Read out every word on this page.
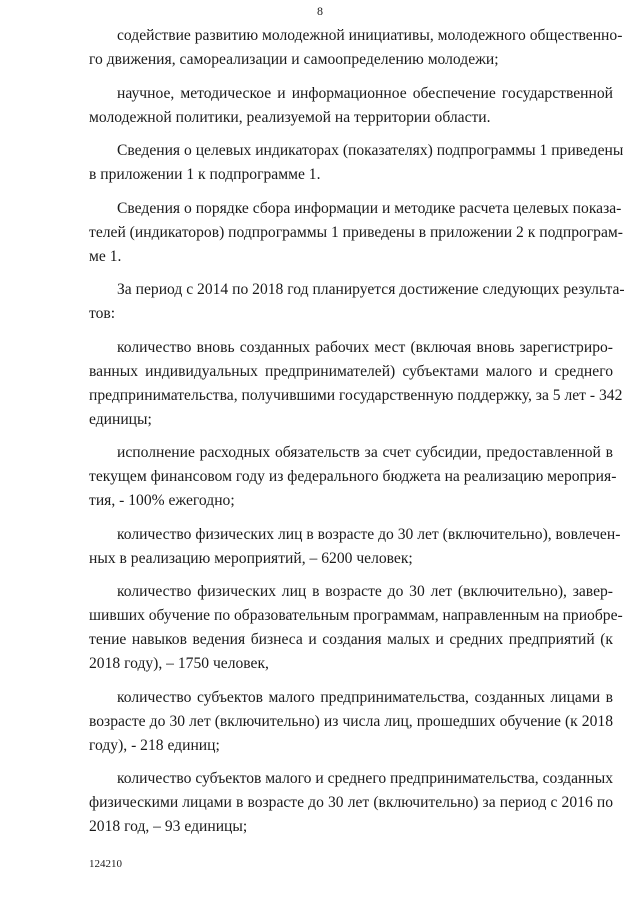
8
содействие развитию молодежной инициативы, молодежного общественно-
го движения, самореализации и самоопределению молодежи;
научное, методическое и информационное обеспечение государственной
молодежной политики, реализуемой на территории области.
Сведения о целевых индикаторах (показателях) подпрограммы 1 приведены
в приложении 1 к подпрограмме 1.
Сведения о порядке сбора информации и методике расчета целевых показа-
телей (индикаторов) подпрограммы 1 приведены в приложении 2 к подпрограм-
ме 1.
За период с 2014 по 2018 год планируется достижение следующих результа-
тов:
количество вновь созданных рабочих мест (включая вновь зарегистриро-
ванных индивидуальных предпринимателей) субъектами малого и среднего
предпринимательства, получившими государственную поддержку, за 5 лет - 342
единицы;
исполнение расходных обязательств за счет субсидии, предоставленной в
текущем финансовом году из федерального бюджета на реализацию мероприя-
тия, - 100% ежегодно;
количество физических лиц в возрасте до 30 лет (включительно), вовлечен-
ных в реализацию мероприятий, – 6200 человек;
количество физических лиц в возрасте до 30 лет (включительно), завер-
шивших обучение по образовательным программам, направленным на приобре-
тение навыков ведения бизнеса и создания малых и средних предприятий (к
2018 году), – 1750 человек,
количество субъектов малого предпринимательства, созданных лицами в
возрасте до 30 лет (включительно) из числа лиц, прошедших обучение (к 2018
году), - 218 единиц;
количество субъектов малого и среднего предпринимательства, созданных
физическими лицами в возрасте до 30 лет (включительно) за период с 2016 по
2018 год, – 93 единицы;
124210
